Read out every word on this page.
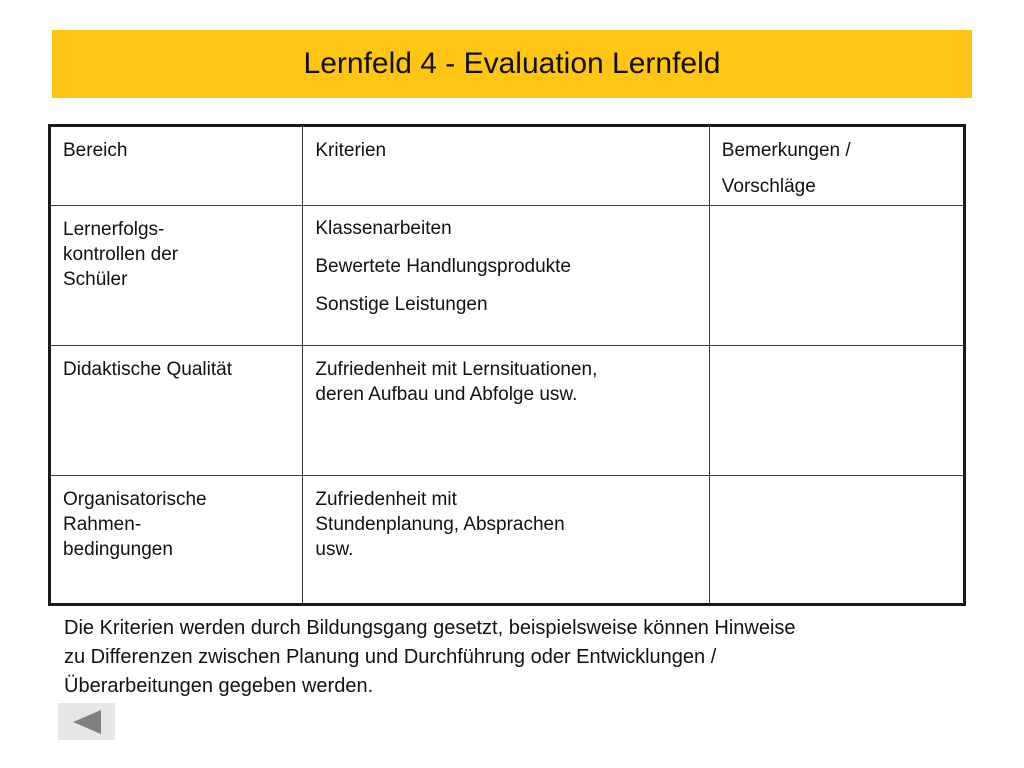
Lernfeld 4 - Evaluation Lernfeld
Bereich	Kriterien	Bemerkungen /
Vorschläge

Lernerfolgs-
kontrollen der
Schüler	Klassenarbeiten
Bewertete Handlungsprodukte
Sonstige Leistungen	

Didaktische Qualität	Zufriedenheit mit Lernsituationen,
deren Aufbau und Abfolge usw.	

Organisatorische
Rahmen-
bedingungen	Zufriedenheit mit
Stundenplanung, Absprachen
usw.	

Die Kriterien werden durch Bildungsgang gesetzt, beispielsweise können Hinweise
zu Differenzen zwischen Planung und Durchführung oder Entwicklungen /
Überarbeitungen gegeben werden.
